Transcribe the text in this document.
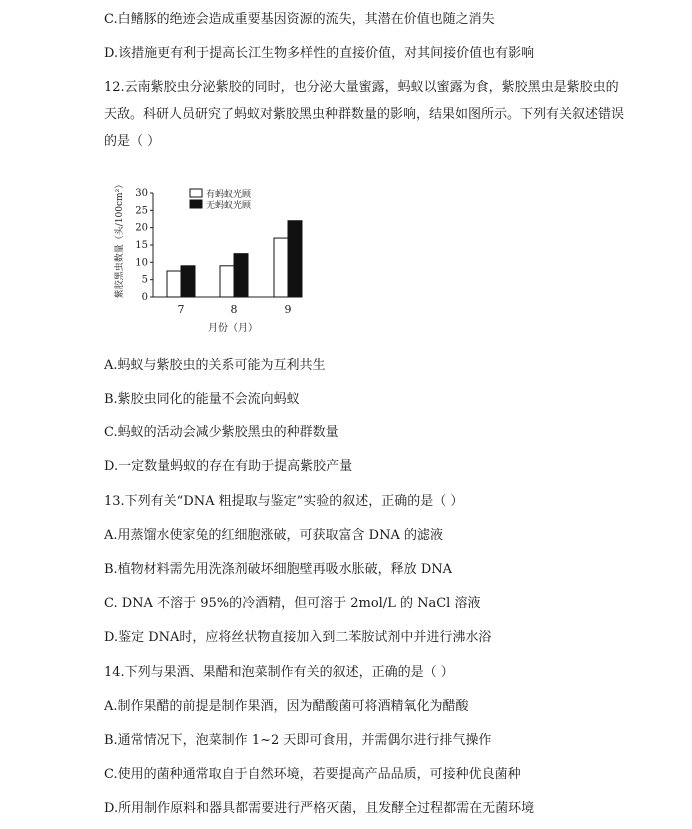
C.白鳍豚的绝迹会造成重要基因资源的流失，其潜在价值也随之消失
D.该措施更有利于提高长江生物多样性的直接价值，对其间接价值也有影响
12.云南紫胶虫分泌紫胶的同时，也分泌大量蜜露，蚂蚁以蜜露为食，紫胶黑虫是紫胶虫的
天敌。科研人员研究了蚂蚁对紫胶黑虫种群数量的影响，结果如图所示。下列有关叙述错误
的是（ ）
紫胶黑虫数量（头/100cm²） 0
5
10
15
20
25
30
7	8	9
有蚂蚁光顾
无蚂蚁光顾
月份（月）
A.蚂蚁与紫胶虫的关系可能为互利共生
B.紫胶虫同化的能量不会流向蚂蚁
C.蚂蚁的活动会减少紫胶黑虫的种群数量
D.一定数量蚂蚁的存在有助于提高紫胶产量
13.下列有关“DNA 粗提取与鉴定”实验的叙述，正确的是（ ）
A.用蒸馏水使家兔的红细胞涨破，可获取富含 DNA 的滤液
B.植物材料需先用洗涤剂破坏细胞壁再吸水胀破，释放 DNA
C. DNA 不溶于 95%的冷酒精，但可溶于 2mol/L 的 NaCl 溶液
D.鉴定 DNA时，应将丝状物直接加入到二苯胺试剂中并进行沸水浴
14.下列与果酒、果醋和泡菜制作有关的叙述，正确的是（ ）
A.制作果醋的前提是制作果酒，因为醋酸菌可将酒精氧化为醋酸
B.通常情况下，泡菜制作 1~2 天即可食用，并需偶尔进行排气操作
C.使用的菌种通常取自于自然环境，若要提高产品品质，可接种优良菌种
D.所用制作原料和器具都需要进行严格灭菌，且发酵全过程都需在无菌环境
